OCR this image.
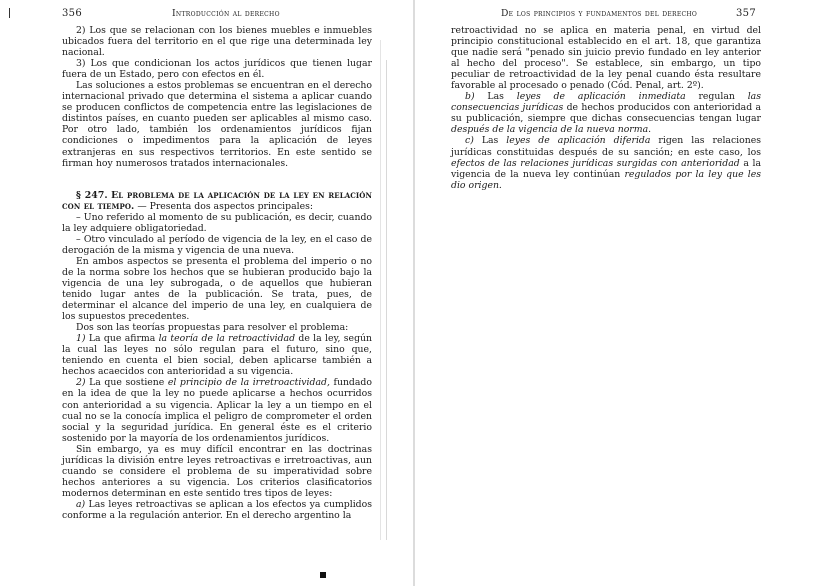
356	Introducción al derecho

2) Los que se relacionan con los bienes muebles e inmuebles ubicados fuera del territorio en el que rige una determinada ley nacional.

3) Los que condicionan los actos jurídicos que tienen lugar fuera de un Estado, pero con efectos en él.

Las soluciones a estos problemas se encuentran en el derecho internacional privado que determina el sistema a aplicar cuando se producen conflictos de competencia entre las legislaciones de distintos países, en cuanto pueden ser aplicables al mismo caso. Por otro lado, también los ordenamientos jurídicos fijan condiciones o impedimentos para la aplicación de leyes extranjeras en sus respectivos territorios. En este sentido se firman hoy numerosos tratados internacionales.

§ 247. El problema de la aplicación de la ley en relación con el tiempo. — Presenta dos aspectos principales:

– Uno referido al momento de su publicación, es decir, cuando la ley adquiere obligatoriedad.

– Otro vinculado al período de vigencia de la ley, en el caso de derogación de la misma y vigencia de una nueva.

En ambos aspectos se presenta el problema del imperio o no de la norma sobre los hechos que se hubieran producido bajo la vigencia de una ley subrogada, o de aquellos que hubieran tenido lugar antes de la publicación. Se trata, pues, de determinar el alcance del imperio de una ley, en cualquiera de los supuestos precedentes.

Dos son las teorías propuestas para resolver el problema:

1) La que afirma la teoría de la retroactividad de la ley, según la cual las leyes no sólo regulan para el futuro, sino que, teniendo en cuenta el bien social, deben aplicarse también a hechos acaecidos con anterioridad a su vigencia.

2) La que sostiene el principio de la irretroactividad, fundado en la idea de que la ley no puede aplicarse a hechos ocurridos con anterioridad a su vigencia. Aplicar la ley a un tiempo en el cual no se la conocía implica el peligro de comprometer el orden social y la seguridad jurídica. En general éste es el criterio sostenido por la mayoría de los ordenamientos jurídicos.

Sin embargo, ya es muy difícil encontrar en las doctrinas jurídicas la división entre leyes retroactivas e irretroactivas, aun cuando se considere el problema de su imperatividad sobre hechos anteriores a su vigencia. Los criterios clasificatorios modernos determinan en este sentido tres tipos de leyes:

a) Las leyes retroactivas se aplican a los efectos ya cumplidos conforme a la regulación anterior. En el derecho argentino la

De los principios y fundamentos del derecho	357

retroactividad no se aplica en materia penal, en virtud del principio constitucional establecido en el art. 18, que garantiza que nadie será "penado sin juicio previo fundado en ley anterior al hecho del proceso". Se establece, sin embargo, un tipo peculiar de retroactividad de la ley penal cuando ésta resultare favorable al procesado o penado (Cód. Penal, art. 2º).

b) Las leyes de aplicación inmediata regulan las consecuencias jurídicas de hechos producidos con anterioridad a su publicación, siempre que dichas consecuencias tengan lugar después de la vigencia de la nueva norma.

c) Las leyes de aplicación diferida rigen las relaciones jurídicas constituidas después de su sanción; en este caso, los efectos de las relaciones jurídicas surgidas con anterioridad a la vigencia de la nueva ley continúan regulados por la ley que les dio origen.
